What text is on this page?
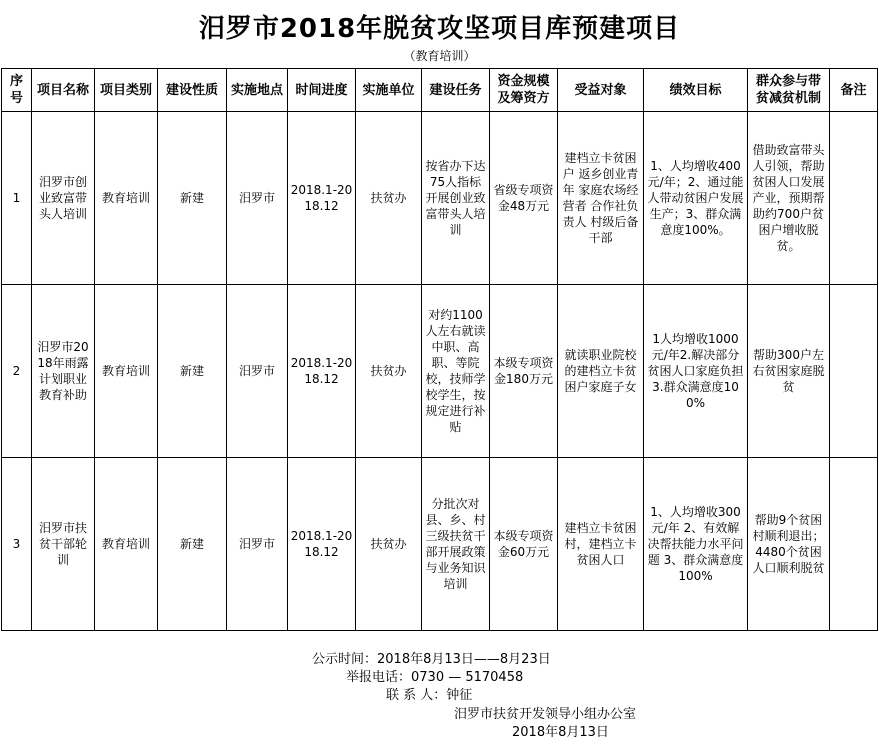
汨罗市2018年脱贫攻坚项目库预建项目
（教育培训）
序号	项目名称	项目类别	建设性质	实施地点	时间进度	实施单位	建设任务	资金规模及筹资方	受益对象	绩效目标	群众参与带贫减贫机制	备注
1	汨罗市创业致富带头人培训	教育培训	新建	汨罗市	2018.1-2018.12	扶贫办	按省办下达75人指标开展创业致富带头人培训	省级专项资金48万元	建档立卡贫困户 返乡创业青年 家庭农场经营者 合作社负责人 村级后备干部	1、人均增收400元/年；2、通过能人带动贫困户发展生产；3、群众满意度100%。	借助致富带头人引领，帮助贫困人口发展产业，预期帮助约700户贫困户增收脱贫。	
2	汨罗市2018年雨露计划职业教育补助	教育培训	新建	汨罗市	2018.1-2018.12	扶贫办	对约1100人左右就读中职、高职、等院校，技师学校学生，按规定进行补贴	本级专项资金180万元	就读职业院校的建档立卡贫困户家庭子女	1人均增收1000元/年2.解决部分贫困人口家庭负担3.群众满意度100%	帮助300户左右贫困家庭脱贫	
3	汨罗市扶贫干部轮训	教育培训	新建	汨罗市	2018.1-2018.12	扶贫办	分批次对县、乡、村三级扶贫干部开展政策与业务知识培训	本级专项资金60万元	建档立卡贫困村，建档立卡贫困人口	1、人均增收300元/年 2、有效解决帮扶能力水平问题 3、群众满意度100%	帮助9个贫困村顺利退出；4480个贫困人口顺利脱贫	
公示时间：2018年8月13日——8月23日
举报电话：0730 — 5170458
联 系 人：钟征
汨罗市扶贫开发领导小组办公室
2018年8月13日
